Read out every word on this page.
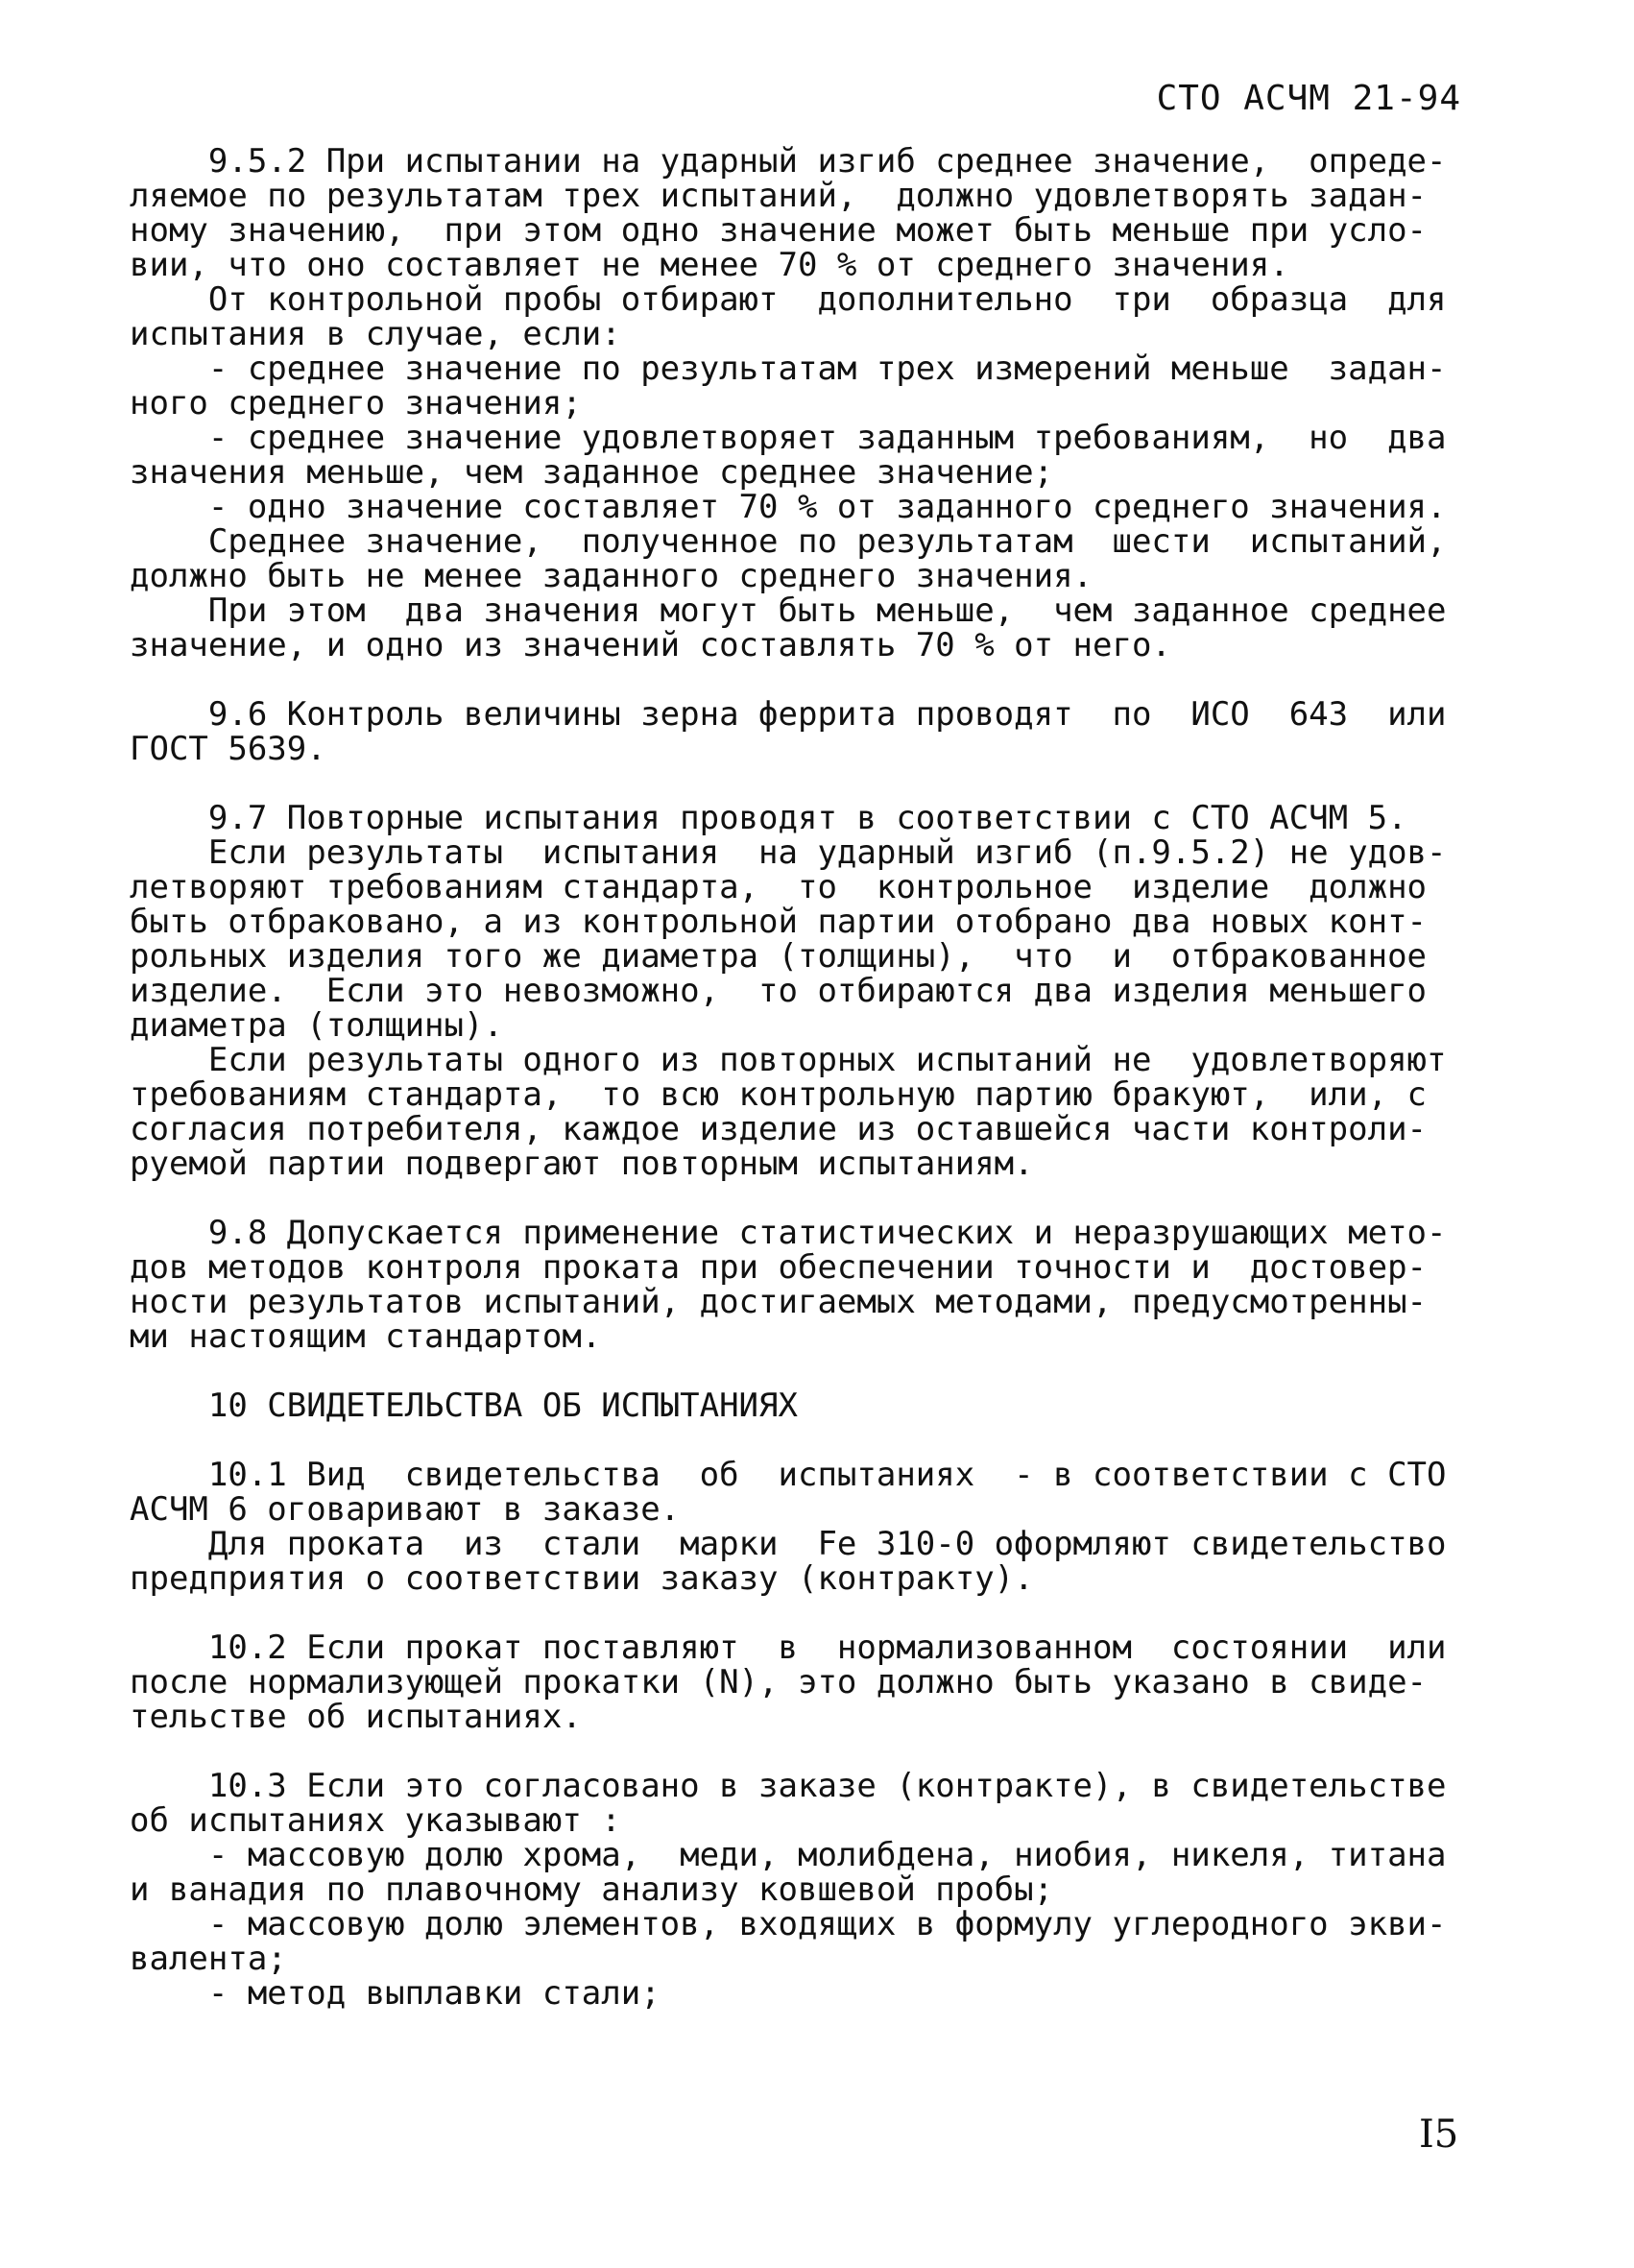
СТО АСЧМ 21-94
9.5.2 При испытании на ударный изгиб среднее значение,  опреде-
ляемое по результатам трех испытаний,  должно удовлетворять задан-
ному значению,  при этом одно значение может быть меньше при усло-
вии, что оно составляет не менее 70 % от среднего значения.
От контрольной пробы отбирают  дополнительно  три  образца  для
испытания в случае, если:
- среднее значение по результатам трех измерений меньше  задан-
ного среднего значения;
- среднее значение удовлетворяет заданным требованиям,  но  два
значения меньше, чем заданное среднее значение;
- одно значение составляет 70 % от заданного среднего значения.
Среднее значение,  полученное по результатам  шести  испытаний,
должно быть не менее заданного среднего значения.
При этом  два значения могут быть меньше,  чем заданное среднее
значение, и одно из значений составлять 70 % от него.
9.6 Контроль величины зерна феррита проводят  по  ИСО  643  или
ГОСТ 5639.
9.7 Повторные испытания проводят в соответствии с СТО АСЧМ 5.
Если результаты  испытания  на ударный изгиб (п.9.5.2) не удов-
летворяют требованиям стандарта,  то  контрольное  изделие  должно
быть отбраковано, а из контрольной партии отобрано два новых конт-
рольных изделия того же диаметра (толщины),  что  и  отбракованное
изделие.  Если это невозможно,  то отбираются два изделия меньшего
диаметра (толщины).
Если результаты одного из повторных испытаний не  удовлетворяют
требованиям стандарта,  то всю контрольную партию бракуют,  или, с
согласия потребителя, каждое изделие из оставшейся части контроли-
руемой партии подвергают повторным испытаниям.
9.8 Допускается применение статистических и неразрушающих мето-
дов методов контроля проката при обеспечении точности и  достовер-
ности результатов испытаний, достигаемых методами, предусмотренны-
ми настоящим стандартом.
10 СВИДЕТЕЛЬСТВА ОБ ИСПЫТАНИЯХ
10.1 Вид  свидетельства  об  испытаниях  - в соответствии с СТО
АСЧМ 6 оговаривают в заказе.
Для проката  из  стали  марки  Fe 310-0 оформляют свидетельство
предприятия о соответствии заказу (контракту).
10.2 Если прокат поставляют  в  нормализованном  состоянии  или
после нормализующей прокатки (N), это должно быть указано в свиде-
тельстве об испытаниях.
10.3 Если это согласовано в заказе (контракте), в свидетельстве
об испытаниях указывают :
- массовую долю хрома,  меди, молибдена, ниобия, никеля, титана
и ванадия по плавочному анализу ковшевой пробы;
- массовую долю элементов, входящих в формулу углеродного экви-
валента;
- метод выплавки стали;
I5
